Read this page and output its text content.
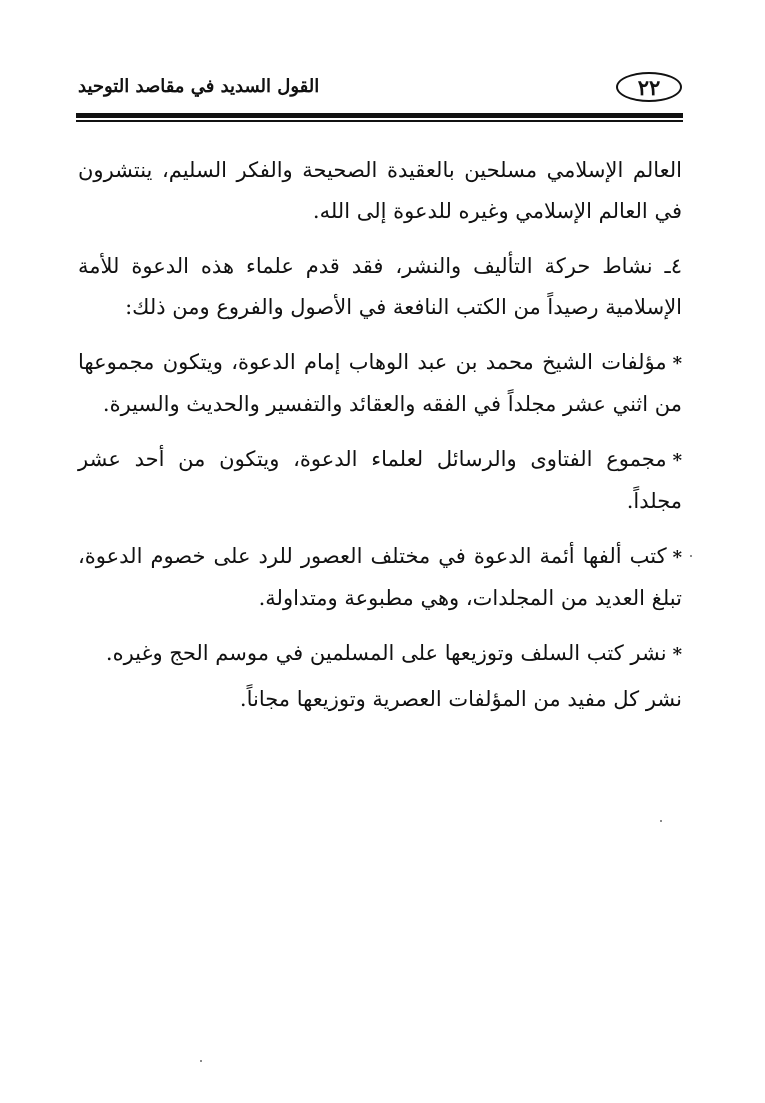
٢٢
القول السديد في مقاصد التوحيد

العالم الإسلامي مسلحين بالعقيدة الصحيحة والفكر السليم، ينتشرون في العالم الإسلامي وغيره للدعوة إلى الله.

٤ـ نشاط حركة التأليف والنشر، فقد قدم علماء هذه الدعوة للأمة الإسلامية رصيداً من الكتب النافعة في الأصول والفروع ومن ذلك:

*مؤلفات الشيخ محمد بن عبد الوهاب إمام الدعوة، ويتكون مجموعها من اثني عشر مجلداً في الفقه والعقائد والتفسير والحديث والسيرة.

*مجموع الفتاوى والرسائل لعلماء الدعوة، ويتكون من أحد عشر مجلداً.

*كتب ألفها أئمة الدعوة في مختلف العصور للرد على خصوم الدعوة، تبلغ العديد من المجلدات، وهي مطبوعة ومتداولة.

*نشر كتب السلف وتوزيعها على المسلمين في موسم الحج وغيره.

نشر كل مفيد من المؤلفات العصرية وتوزيعها مجاناً.
